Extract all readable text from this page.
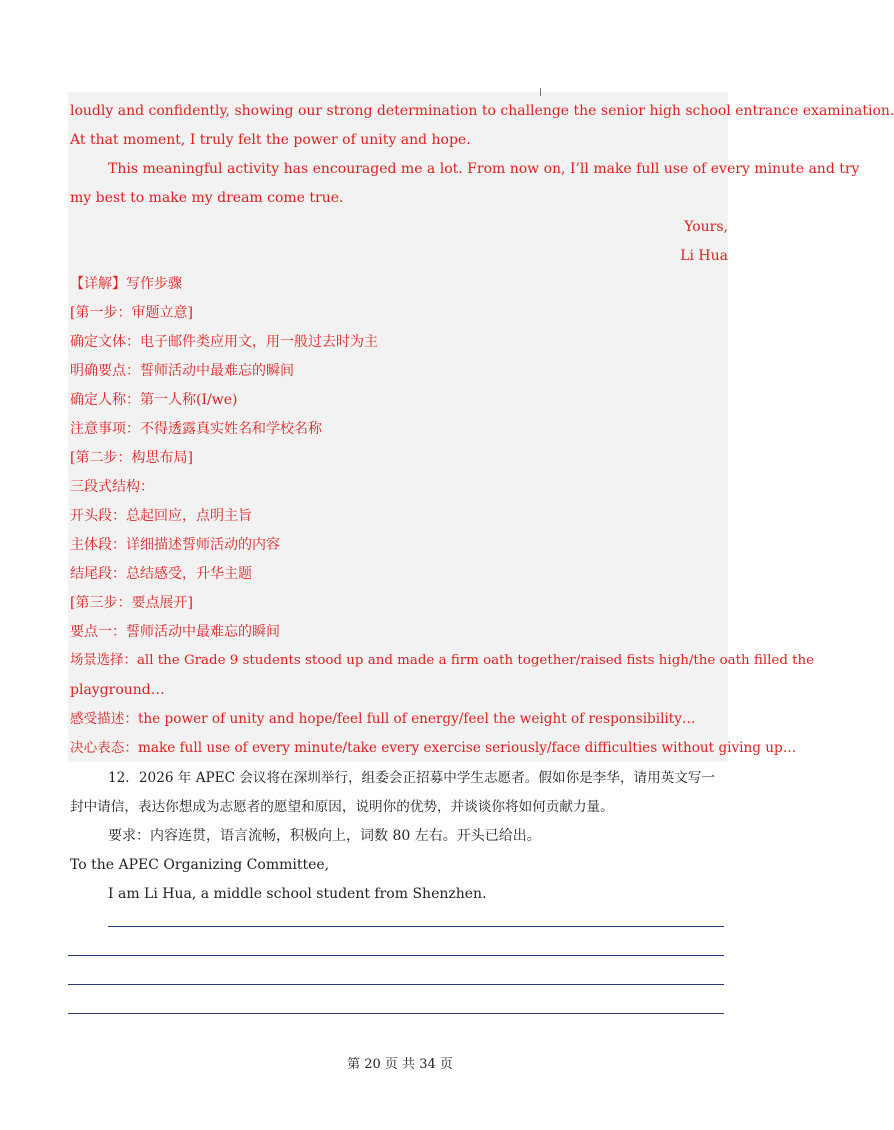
loudly and confidently, showing our strong determination to challenge the senior high school entrance examination.
At that moment, I truly felt the power of unity and hope.
This meaningful activity has encouraged me a lot. From now on, I’ll make full use of every minute and try
my best to make my dream come true.
Yours,
Li Hua
【详解】写作步骤
[第一步：审题立意]
确定文体：电子邮件类应用文，用一般过去时为主
明确要点：誓师活动中最难忘的瞬间
确定人称：第一人称(I/we)
注意事项：不得透露真实姓名和学校名称
[第二步：构思布局]
三段式结构：
开头段：总起回应，点明主旨
主体段：详细描述誓师活动的内容
结尾段：总结感受，升华主题
[第三步：要点展开]
要点一：誓师活动中最难忘的瞬间
场景选择：all the Grade 9 students stood up and made a firm oath together/raised fists high/the oath filled the
playground…
感受描述：the power of unity and hope/feel full of energy/feel the weight of responsibility…
决心表态：make full use of every minute/take every exercise seriously/face difficulties without giving up…
12．2026 年 APEC 会议将在深圳举行，组委会正招募中学生志愿者。假如你是李华，请用英文写一
封中请信，表达你想成为志愿者的愿望和原因，说明你的优势，并谈谈你将如何贡献力量。
要求：内容连贯，语言流畅，积极向上，词数 80 左右。开头已给出。
To the APEC Organizing Committee,
I am Li Hua, a middle school student from Shenzhen.
第 20 页 共 34 页
